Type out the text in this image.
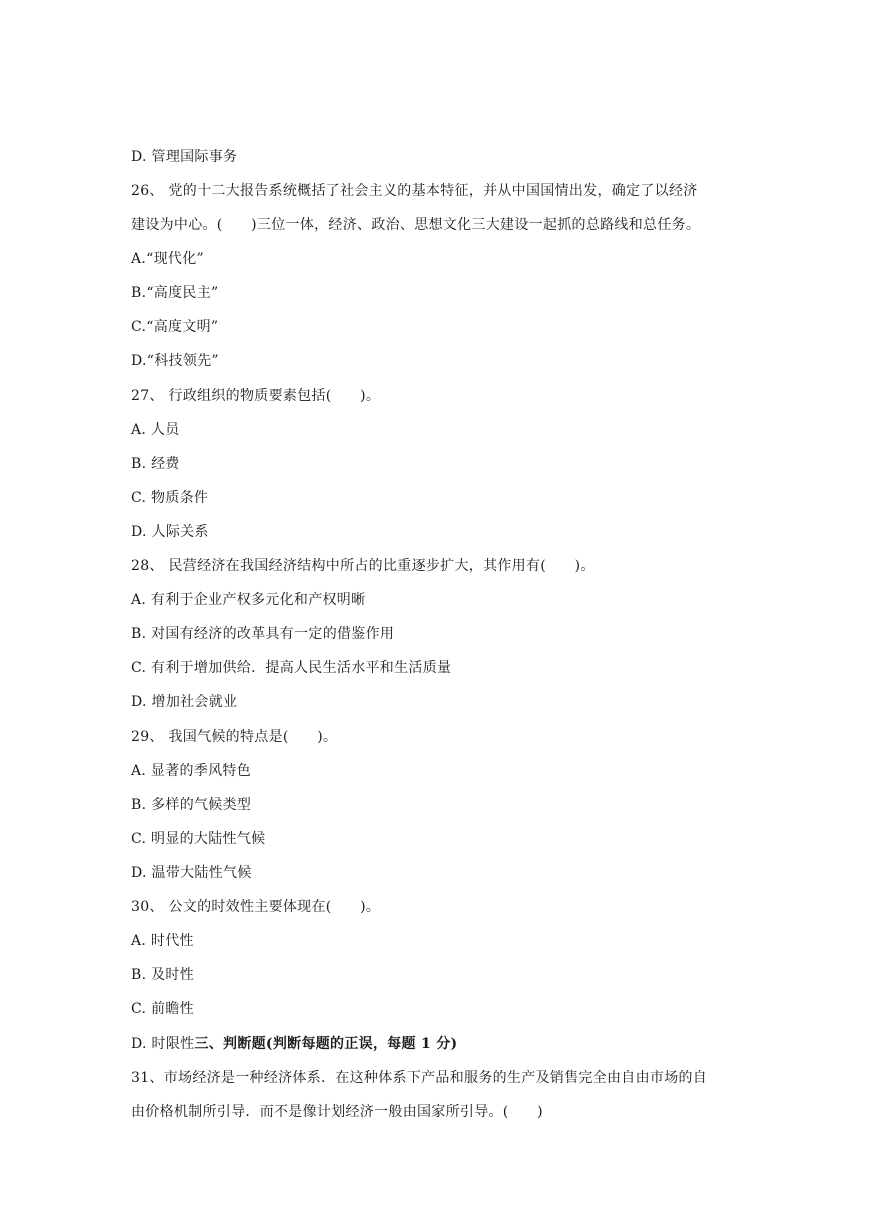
D. 管理国际事务
26、 党的十二大报告系统概括了社会主义的基本特征，并从中国国情出发，确定了以经济
建设为中心。(　　)三位一体，经济、政治、思想文化三大建设一起抓的总路线和总任务。
A.“现代化”
B.“高度民主”
C.“高度文明”
D.“科技领先”
27、 行政组织的物质要素包括(　　)。
A. 人员
B. 经费
C. 物质条件
D. 人际关系
28、 民营经济在我国经济结构中所占的比重逐步扩大，其作用有(　　)。
A. 有利于企业产权多元化和产权明晰
B. 对国有经济的改革具有一定的借鉴作用
C. 有利于增加供给．提高人民生活水平和生活质量
D. 增加社会就业
29、 我国气候的特点是(　　)。
A. 显著的季风特色
B. 多样的气候类型
C. 明显的大陆性气候
D. 温带大陆性气候
30、 公文的时效性主要体现在(　　)。
A. 时代性
B. 及时性
C. 前瞻性
D. 时限性三、判断题(判断每题的正误，每题 1 分)
31、市场经济是一种经济体系．在这种体系下产品和服务的生产及销售完全由自由市场的自
由价格机制所引导．而不是像计划经济一般由国家所引导。(　　)
